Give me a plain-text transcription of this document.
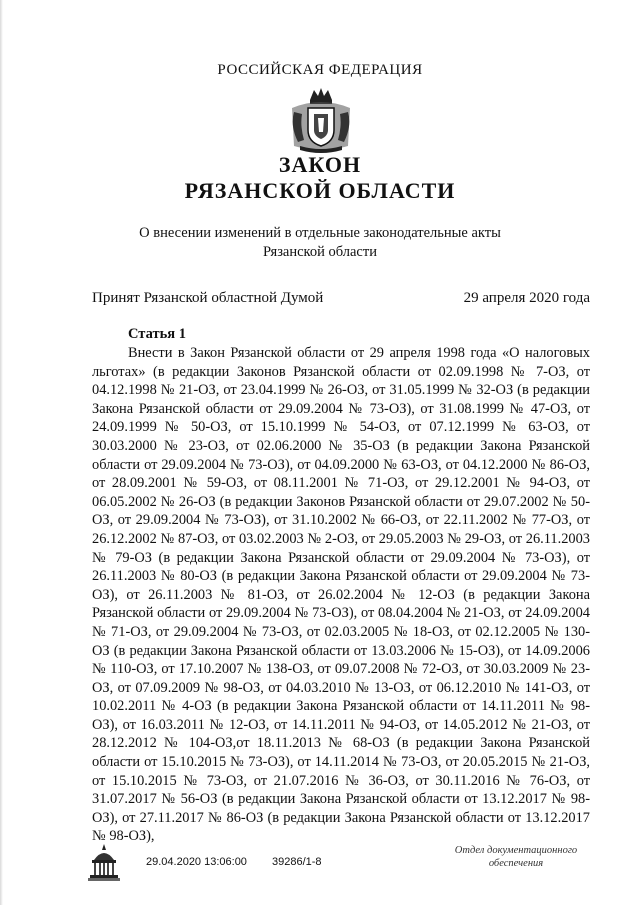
РОССИЙСКАЯ ФЕДЕРАЦИЯ
ЗАКОН
РЯЗАНСКОЙ ОБЛАСТИ
О внесении изменений в отдельные законодательные акты
Рязанской области
Принят Рязанской областной Думой	29 апреля 2020 года
Статья 1

Внести в Закон Рязанской области от 29 апреля 1998 года «О налоговых льготах» (в редакции Законов Рязанской области от 02.09.1998 № 7-ОЗ, от 04.12.1998 № 21-ОЗ, от 23.04.1999 № 26-ОЗ, от 31.05.1999 № 32-ОЗ (в редакции Закона Рязанской области от 29.09.2004 № 73-ОЗ), от 31.08.1999 № 47-ОЗ, от 24.09.1999 № 50-ОЗ, от 15.10.1999 № 54-ОЗ, от 07.12.1999 № 63-ОЗ, от 30.03.2000 № 23-ОЗ, от 02.06.2000 № 35-ОЗ (в редакции Закона Рязанской области от 29.09.2004 № 73-ОЗ), от 04.09.2000 № 63-ОЗ, от 04.12.2000 № 86-ОЗ, от 28.09.2001 № 59-ОЗ, от 08.11.2001 № 71-ОЗ, от 29.12.2001 № 94-ОЗ, от 06.05.2002 № 26-ОЗ (в редакции Законов Рязанской области от 29.07.2002 № 50-ОЗ, от 29.09.2004 № 73-ОЗ), от 31.10.2002 № 66-ОЗ, от 22.11.2002 № 77-ОЗ, от 26.12.2002 № 87-ОЗ, от 03.02.2003 № 2-ОЗ, от 29.05.2003 № 29-ОЗ, от 26.11.2003 № 79-ОЗ (в редакции Закона Рязанской области от 29.09.2004 № 73-ОЗ), от 26.11.2003 № 80-ОЗ (в редакции Закона Рязанской области от 29.09.2004 № 73-ОЗ), от 26.11.2003 № 81-ОЗ, от 26.02.2004 № 12-ОЗ (в редакции Закона Рязанской области от 29.09.2004 № 73-ОЗ), от 08.04.2004 № 21-ОЗ, от 24.09.2004 № 71-ОЗ, от 29.09.2004 № 73-ОЗ, от 02.03.2005 № 18-ОЗ, от 02.12.2005 № 130-ОЗ (в редакции Закона Рязанской области от 13.03.2006 № 15-ОЗ), от 14.09.2006 № 110-ОЗ, от 17.10.2007 № 138-ОЗ, от 09.07.2008 № 72-ОЗ, от 30.03.2009 № 23-ОЗ, от 07.09.2009 № 98-ОЗ, от 04.03.2010 № 13-ОЗ, от 06.12.2010 № 141-ОЗ, от 10.02.2011 № 4-ОЗ (в редакции Закона Рязанской области от 14.11.2011 № 98-ОЗ), от 16.03.2011 № 12-ОЗ, от 14.11.2011 № 94-ОЗ, от 14.05.2012 № 21-ОЗ, от 28.12.2012 № 104-ОЗ,от 18.11.2013 № 68-ОЗ (в редакции Закона Рязанской области от 15.10.2015 № 73-ОЗ), от 14.11.2014 № 73-ОЗ, от 20.05.2015 № 21-ОЗ, от 15.10.2015 № 73-ОЗ, от 21.07.2016 № 36-ОЗ, от 30.11.2016 № 76-ОЗ, от 31.07.2017 № 56-ОЗ (в редакции Закона Рязанской области от 13.12.2017 № 98-ОЗ), от 27.11.2017 № 86-ОЗ (в редакции Закона Рязанской области от 13.12.2017 № 98-ОЗ),

29.04.2020 13:06:00 39286/1-8
Отдел документационного
обеспечения
